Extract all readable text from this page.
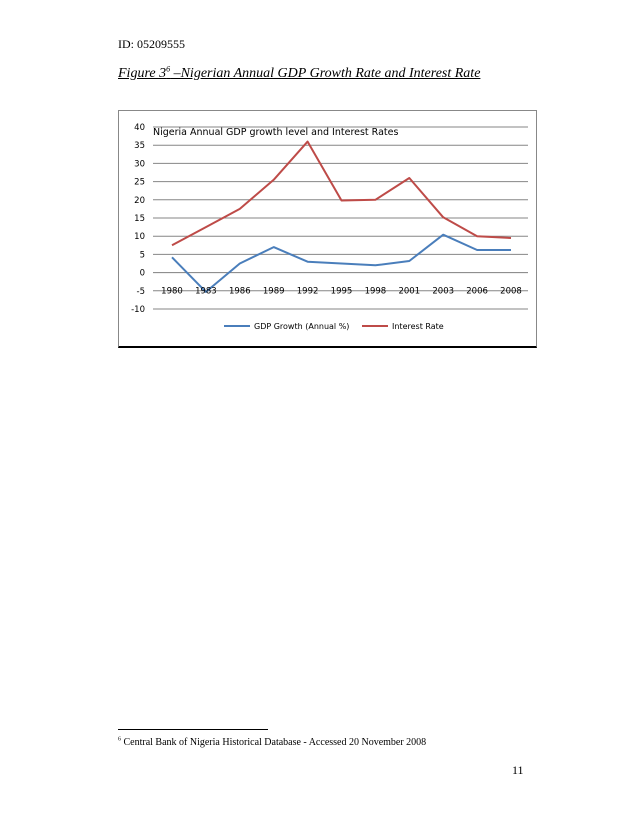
ID: 05209555
Figure $3^6$ –Nigerian Annual GDP Growth Rate and Interest Rate
40
35
30
25
20
15
10
5
0
-5
-10
1980 1983 1986 1989 1992 1995 1998 2001 2003 2006 2008
Nigeria Annual GDP growth level and Interest Rates
GDP Growth (Annual %)	Interest Rate
$^6$ Central Bank of Nigeria Historical Database - Accessed 20 November 2008
11
